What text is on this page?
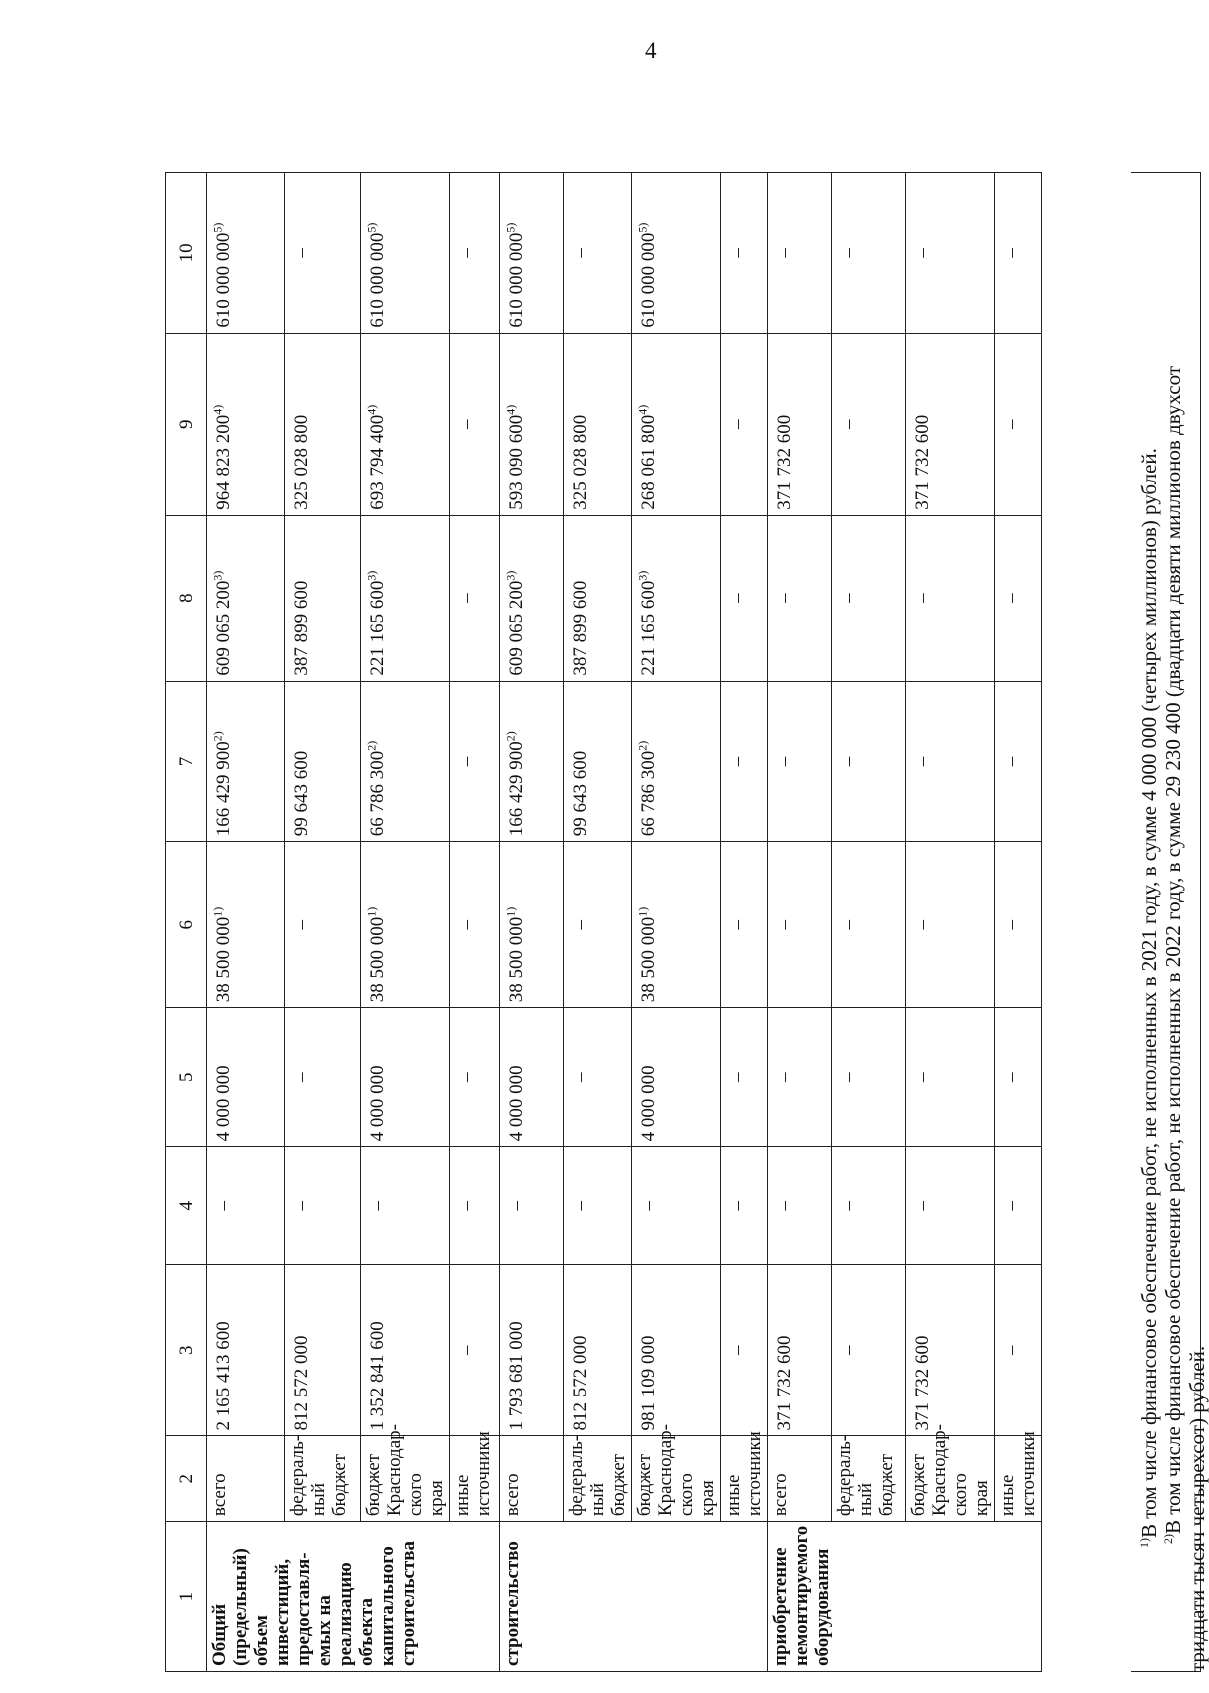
4
1	2	3	4	5	6	7	8	9	10
Общий (предельный) объем инвестиций, предоставля-емых на реализацию объекта капитального строительства	всего	2 165 413 600	–	4 000 000	38 500 000$^{1)}$	166 429 900$^{2)}$	609 065 200$^{3)}$	964 823 200$^{4)}$	610 000 000$^{5)}$
	федераль-ный бюджет	812 572 000	–	–	–	99 643 600	387 899 600	325 028 800	–
	бюджет Краснодар-ского края	1 352 841 600	–	4 000 000	38 500 000$^{1)}$	66 786 300$^{2)}$	221 165 600$^{3)}$	693 794 400$^{4)}$	610 000 000$^{5)}$
	иные источники	–	–	–	–	–	–	–	–
строительство	всего	1 793 681 000	–	4 000 000	38 500 000$^{1)}$	166 429 900$^{2)}$	609 065 200$^{3)}$	593 090 600$^{4)}$	610 000 000$^{5)}$
	федераль-ный бюджет	812 572 000	–	–	–	99 643 600	387 899 600	325 028 800	–
	бюджет Краснодар-ского края	981 109 000	–	4 000 000	38 500 000$^{1)}$	66 786 300$^{2)}$	221 165 600$^{3)}$	268 061 800$^{4)}$	610 000 000$^{5)}$
	иные источники	–	–	–	–	–	–	–	–
приобретение немонтируемого оборудования	всего	371 732 600	–	–	–	–	–	371 732 600	–
	федераль-ный бюджет	–	–	–	–	–	–	–	–
	бюджет Краснодар-ского края	371 732 600	–	–	–	–	–	371 732 600	–
	иные источники	–	–	–	–	–	–	–	–

$^{1)}$В том числе финансовое обеспечение работ, не исполненных в 2021 году, в сумме 4 000 000 (четырех миллионов) рублей.

$^{2)}$В том числе финансовое обеспечение работ, не исполненных в 2022 году, в сумме 29 230 400 (двадцати девяти миллионов двухсот тридцати тысяч четырехсот) рублей.
